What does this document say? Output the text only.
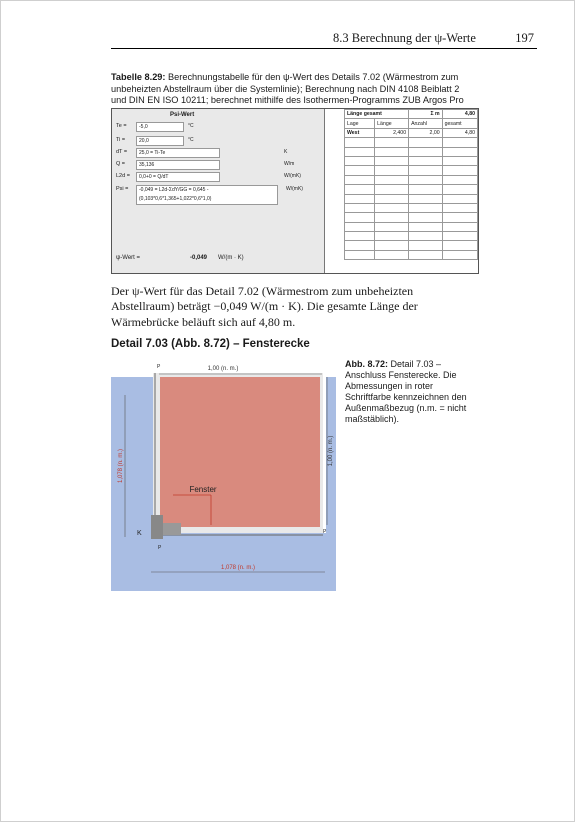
8.3 Berechnung der ψ-Werte	197
Tabelle 8.29: Berechnungstabelle für den ψ-Wert des Details 7.02 (Wärmestrom zum unbeheizten Abstellraum über die Systemlinie); Berechnung nach DIN 4108 Beiblatt 2 und DIN EN ISO 10211; berechnet mithilfe des Isothermen-Programms ZUB Argos Pro
Psi-Wert
Te =	-5,0	°C
Ti =	20,0	°C
dT =	25,0 = Ti-Te	K
Q =	35,136	W/m
L2d =	0,0+0 = Q/dT	W/(mK)
Psi =	-0,049 = L2d-ΣdY/GG = 0,645 - (0,103*0,6*1,365+1,022*0,6*1,0)
W/(mK)
ψ-Wert =	-0,049 W/(m · K)
Länge gesamt		Σ m	4,80
Lage	Länge	Anzahl	gesamt
West	2,400	2,00	4,80

Der ψ-Wert für das Detail 7.02 (Wärmestrom zum unbeheizten Abstellraum) beträgt −0,049 W/(m · K). Die gesamte Länge der Wärmebrücke beläuft sich auf 4,80 m.
Detail 7.03 (Abb. 8.72) – Fensterecke
Abb. 8.72: Detail 7.03 – Anschluss Fensterecke. Die Abmessungen in roter Schriftfarbe kennzeichnen den Außenmaßbezug (n.m. = nicht maßstäblich).
1,00 (n. m.)
1,00 (n. m.)
1,078 (n. m.)
1,078 (n. m.)
Fenster
P
K	P
P
